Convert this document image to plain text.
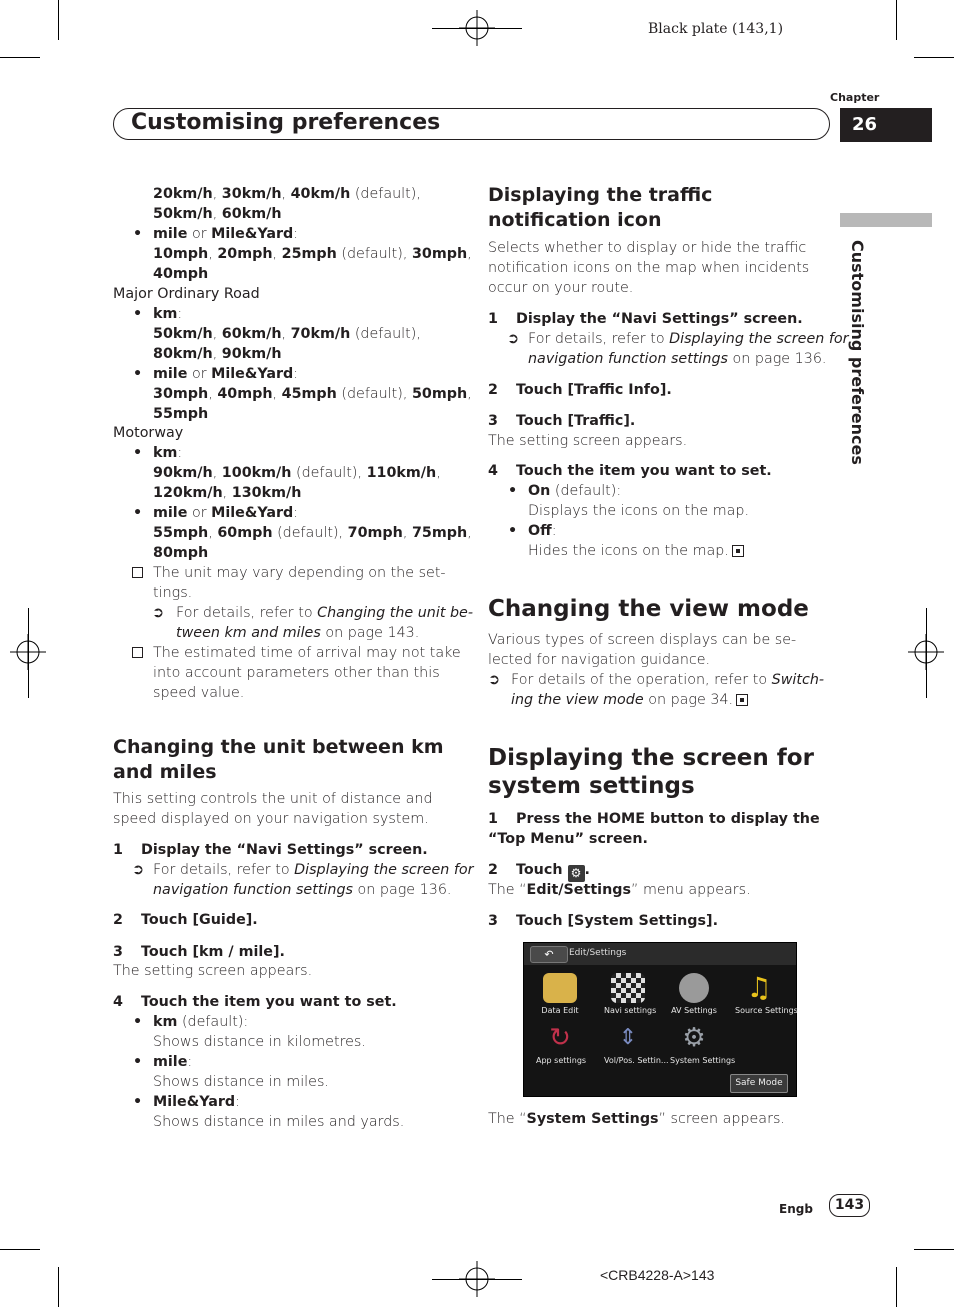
Black plate (143,1)
Chapter
Customising preferences	26
Customising preferences
20km/h, 30km/h, 40km/h (default),
50km/h, 60km/h
• mile or Mile&Yard:
10mph, 20mph, 25mph (default), 30mph,
40mph
Major Ordinary Road
• km:
50km/h, 60km/h, 70km/h (default),
80km/h, 90km/h
• mile or Mile&Yard:
30mph, 40mph, 45mph (default), 50mph,
55mph
Motorway
• km:
90km/h, 100km/h (default), 110km/h,
120km/h, 130km/h
• mile or Mile&Yard:
55mph, 60mph (default), 70mph, 75mph,
80mph
The unit may vary depending on the set-
tings.
➲ For details, refer to Changing the unit be-
tween km and miles on page 143.
The estimated time of arrival may not take
into account parameters other than this
speed value.
Changing the unit between km
and miles
This setting controls the unit of distance and
speed displayed on your navigation system.
1 Display the “Navi Settings” screen.
➲ For details, refer to Displaying the screen for
navigation function settings on page 136.
2 Touch [Guide].
3 Touch [km / mile].
The setting screen appears.
4 Touch the item you want to set.
• km (default):
Shows distance in kilometres.
• mile:
Shows distance in miles.
• Mile&Yard:
Shows distance in miles and yards.
Displaying the traffic
notification icon
Selects whether to display or hide the traffic
notification icons on the map when incidents
occur on your route.
1 Display the “Navi Settings” screen.
➲ For details, refer to Displaying the screen for
navigation function settings on page 136.
2 Touch [Traffic Info].
3 Touch [Traffic].
The setting screen appears.
4 Touch the item you want to set.
• On (default):
Displays the icons on the map.
• Off:
Hides the icons on the map.
Changing the view mode
Various types of screen displays can be se-
lected for navigation guidance.
➲ For details of the operation, refer to Switch-
ing the view mode on page 34.
Displaying the screen for
system settings
1 Press the HOME button to display the
“Top Menu” screen.
2 Touch ⚙ .
The “Edit/Settings” menu appears.
3 Touch [System Settings].
↶	Edit/Settings
Data Edit	Navi settings AV Settings
♫
Source Settings
↻
App settings
⇕
Vol/Pos. Settin...
⚙
System Settings
Safe Mode
The “System Settings” screen appears.
Engb	143
<CRB4228-A>143
